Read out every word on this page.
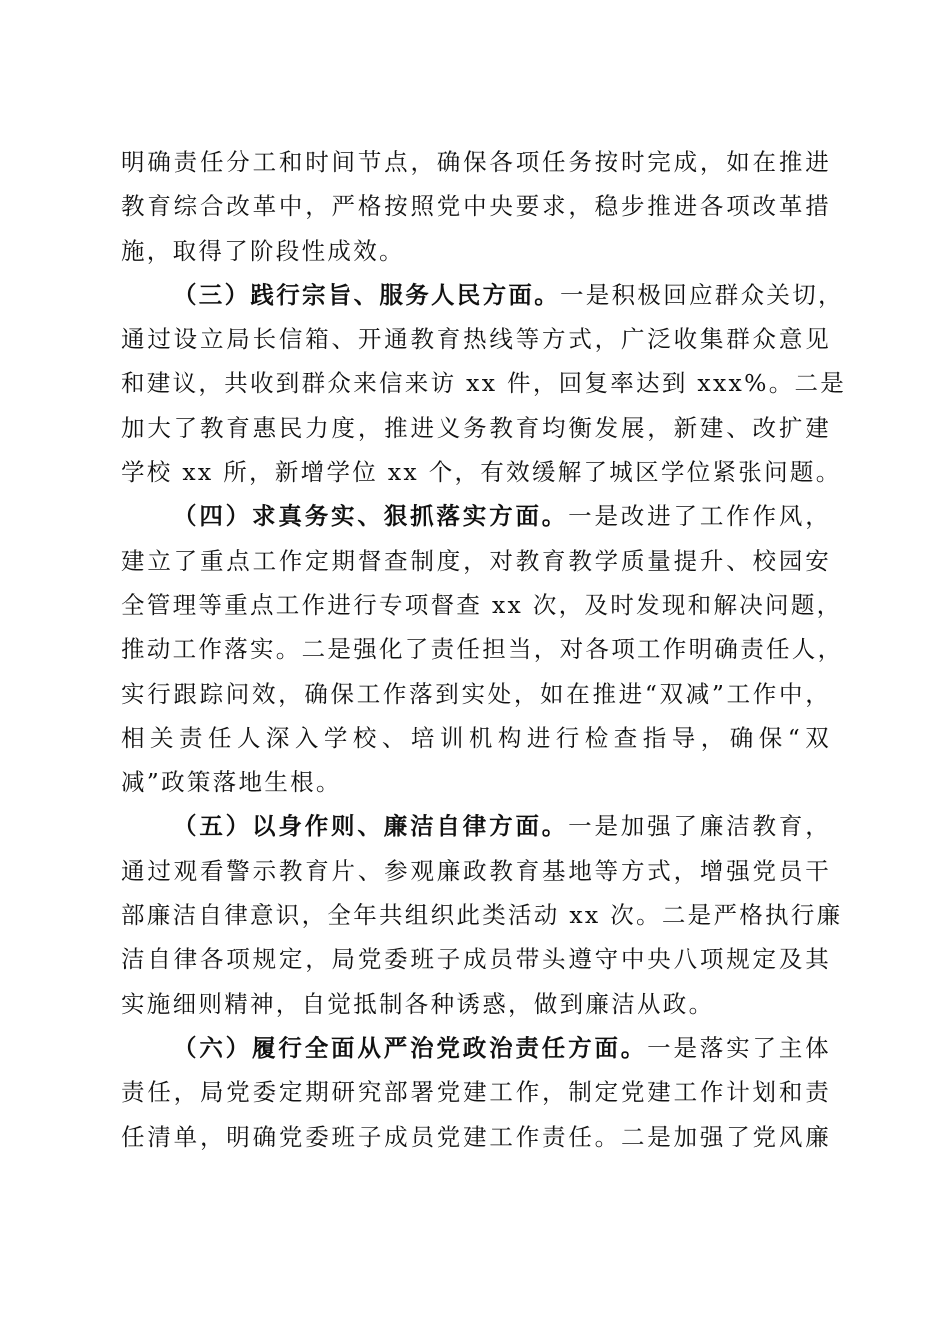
明确责任分工和时间节点，确保各项任务按时完成，如在推进
教育综合改革中，严格按照党中央要求，稳步推进各项改革措
施，取得了阶段性成效。
（三）践行宗旨、服务人民方面。一是积极回应群众关切，
通过设立局长信箱、开通教育热线等方式，广泛收集群众意见
和建议，共收到群众来信来访 xx 件，回复率达到 xxx%。二是
加大了教育惠民力度，推进义务教育均衡发展，新建、改扩建
学校 xx 所，新增学位 xx 个，有效缓解了城区学位紧张问题。
（四）求真务实、狠抓落实方面。一是改进了工作作风，
建立了重点工作定期督查制度，对教育教学质量提升、校园安
全管理等重点工作进行专项督查 xx 次，及时发现和解决问题，
推动工作落实。二是强化了责任担当，对各项工作明确责任人，
实行跟踪问效，确保工作落到实处，如在推进“双减”工作中，
相关责任人深入学校、培训机构进行检查指导，确保“双
减”政策落地生根。
（五）以身作则、廉洁自律方面。一是加强了廉洁教育，
通过观看警示教育片、参观廉政教育基地等方式，增强党员干
部廉洁自律意识，全年共组织此类活动 xx 次。二是严格执行廉
洁自律各项规定，局党委班子成员带头遵守中央八项规定及其
实施细则精神，自觉抵制各种诱惑，做到廉洁从政。
（六）履行全面从严治党政治责任方面。一是落实了主体
责任，局党委定期研究部署党建工作，制定党建工作计划和责
任清单，明确党委班子成员党建工作责任。二是加强了党风廉
